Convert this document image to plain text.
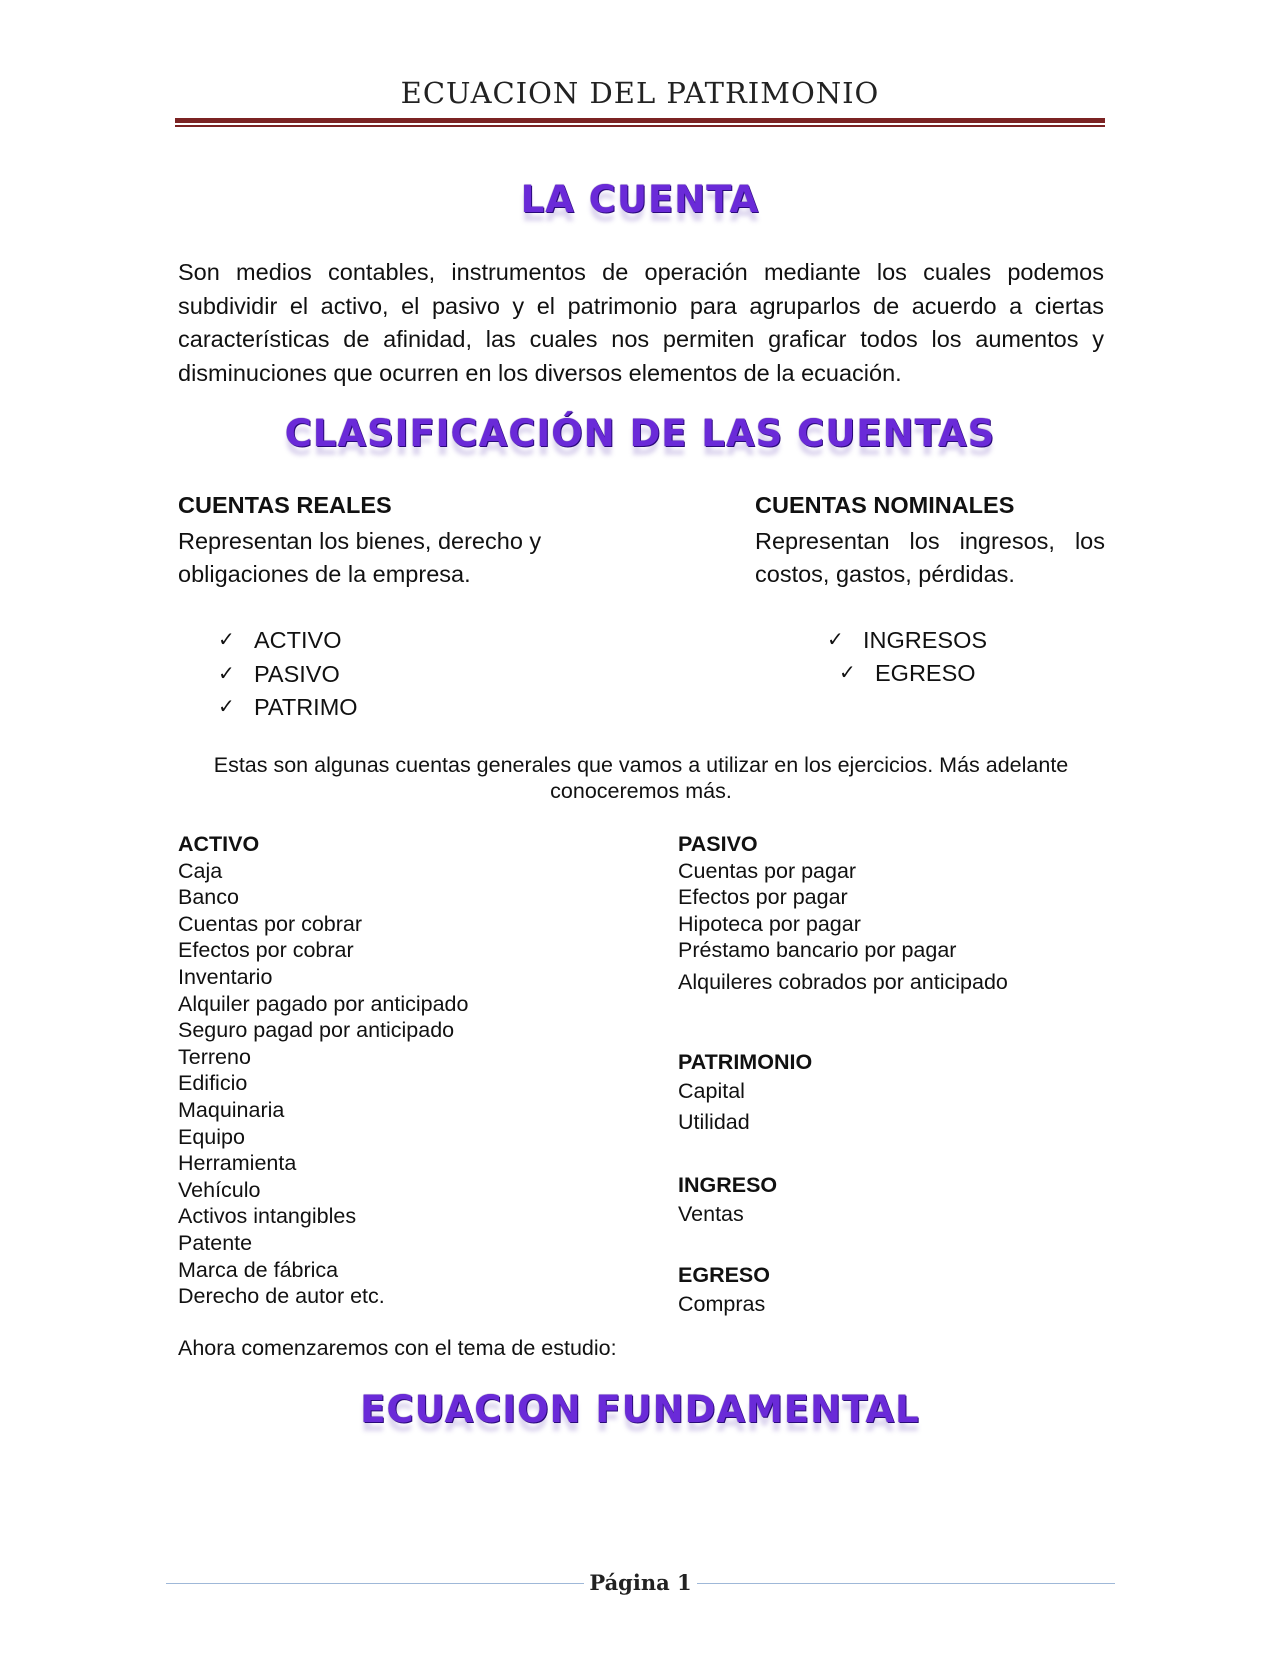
ECUACION DEL PATRIMONIO
LA CUENTA
Son medios contables, instrumentos de operación mediante los cuales podemos subdividir el activo, el pasivo y el patrimonio para agruparlos de acuerdo a ciertas características de afinidad, las cuales nos permiten graficar todos los aumentos y disminuciones que ocurren en los diversos elementos de la ecuación.
CLASIFICACIÓN DE LAS CUENTAS
CUENTAS REALES
Representan los bienes, derecho y
obligaciones de la empresa.
CUENTAS NOMINALES
Representan los ingresos, los
costos, gastos, pérdidas.
✓ ACTIVO
✓ PASIVO
✓ PATRIMO
✓ INGRESOS
✓ EGRESO
Estas son algunas cuentas generales que vamos a utilizar en los ejercicios. Más adelante
conoceremos más.
ACTIVO
Caja
Banco
Cuentas por cobrar
Efectos por cobrar
Inventario
Alquiler pagado por anticipado
Seguro pagad por anticipado
Terreno
Edificio
Maquinaria
Equipo
Herramienta
Vehículo
Activos intangibles
Patente
Marca de fábrica
Derecho de autor etc.
PASIVO
Cuentas por pagar
Efectos por pagar
Hipoteca por pagar
Préstamo bancario por pagar
Alquileres cobrados por anticipado
PATRIMONIO
Capital
Utilidad
INGRESO
Ventas
EGRESO
Compras
Ahora comenzaremos con el tema de estudio:
ECUACION FUNDAMENTAL
Página 1
